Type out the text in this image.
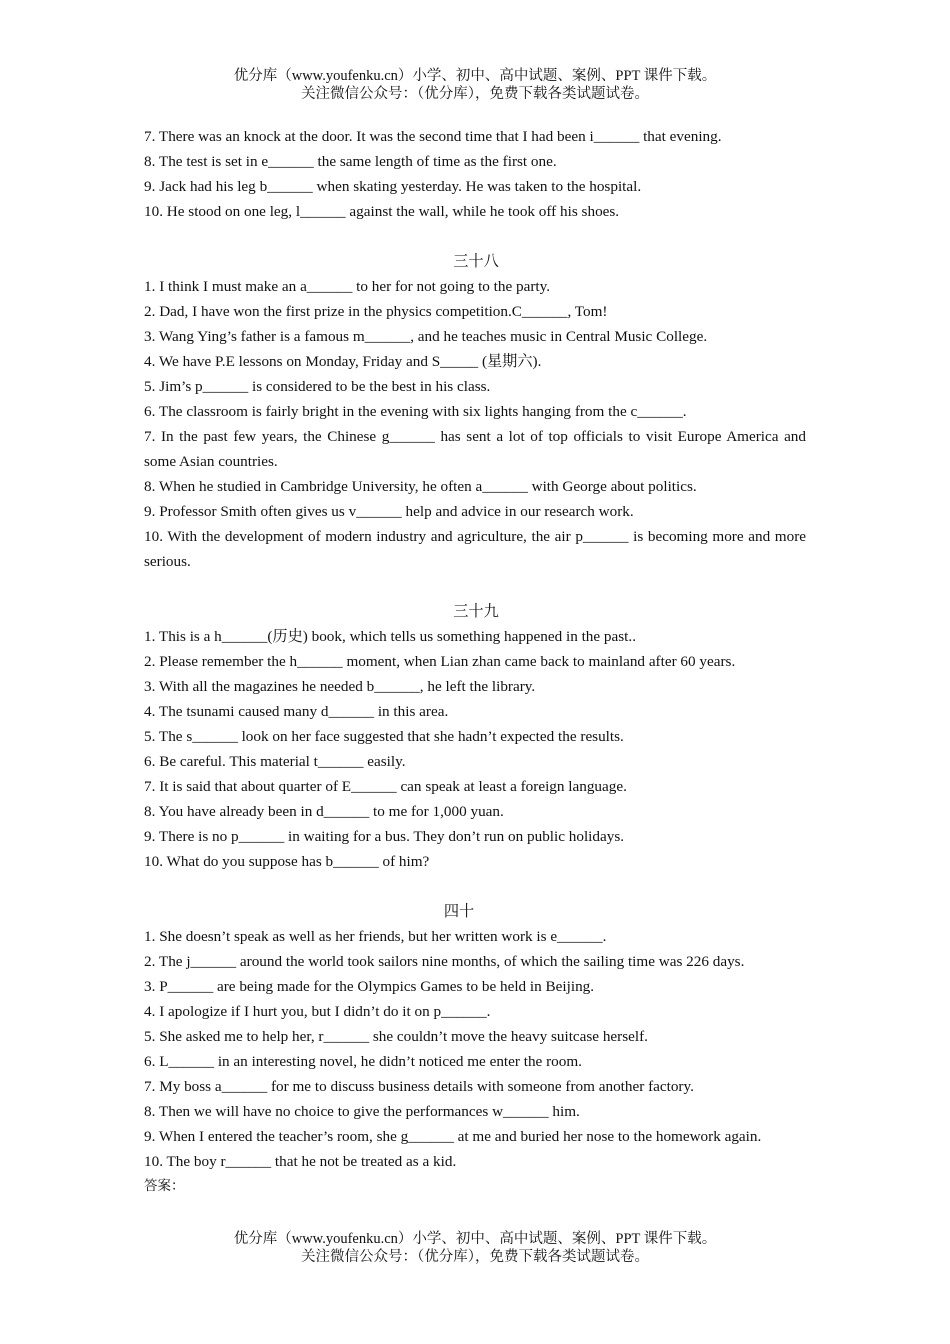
优分库（www.youfenku.cn）小学、初中、高中试题、案例、PPT 课件下载。
关注微信公众号：（优分库），免费下载各类试题试卷。

7. There was an knock at the door. It was the second time that I had been i______ that evening.

8. The test is set in e______ the same length of time as the first one.

9. Jack had his leg b______ when skating yesterday. He was taken to the hospital.

10. He stood on one leg, l______ against the wall, while he took off his shoes.

三十八

1. I think I must make an a______ to her for not going to the party.

2. Dad, I have won the first prize in the physics competition.C______, Tom!

3. Wang Ying’s father is a famous m______, and he teaches music in Central Music College.

4. We have P.E lessons on Monday, Friday and S_____ (星期六).

5. Jim’s p______ is considered to be the best in his class.

6. The classroom is fairly bright in the evening with six lights hanging from the c______.

7. In the past few years, the Chinese g______ has sent a lot of top officials to visit Europe America and some Asian countries.

8. When he studied in Cambridge University, he often a______ with George about politics.

9. Professor Smith often gives us v______ help and advice in our research work.

10. With the development of modern industry and agriculture, the air p______ is becoming more and more serious.

三十九

1. This is a h______(历史) book, which tells us something happened in the past..

2. Please remember the h______ moment, when Lian zhan came back to mainland after 60 years.

3. With all the magazines he needed b______, he left the library.

4. The tsunami caused many d______ in this area.

5. The s______ look on her face suggested that she hadn’t expected the results.

6. Be careful. This material t______ easily.

7. It is said that about quarter of E______ can speak at least a foreign language.

8. You have already been in d______ to me for 1,000 yuan.

9. There is no p______ in waiting for a bus. They don’t run on public holidays.

10. What do you suppose has b______ of him?

四十

1. She doesn’t speak as well as her friends, but her written work is e______.

2. The j______ around the world took sailors nine months, of which the sailing time was 226 days.

3. P______ are being made for the Olympics Games to be held in Beijing.

4. I apologize if I hurt you, but I didn’t do it on p______.

5. She asked me to help her, r______ she couldn’t move the heavy suitcase herself.

6. L______ in an interesting novel, he didn’t noticed me enter the room.

7. My boss a______ for me to discuss business details with someone from another factory.

8. Then we will have no choice to give the performances w______ him.

9. When I entered the teacher’s room, she g______ at me and buried her nose to the homework again.

10. The boy r______ that he not be treated as a kid.

答案：

优分库（www.youfenku.cn）小学、初中、高中试题、案例、PPT 课件下载。
关注微信公众号：（优分库），免费下载各类试题试卷。
